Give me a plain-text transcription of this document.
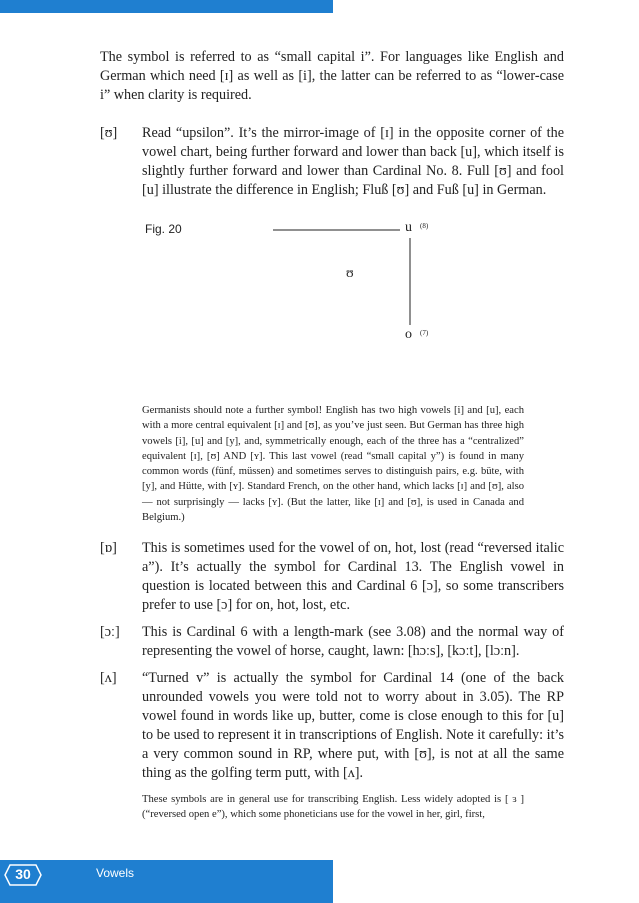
The symbol is referred to as “small capital i”. For languages like English and German which need [ɪ] as well as [i], the latter can be referred to as “lower-case i” when clarity is required.

[ʊ] Read “upsilon”. It’s the mirror-image of [ɪ] in the opposite corner of the vowel chart, being further forward and lower than back [u], which itself is slightly further forward and lower than Cardinal No. 8. Full [ʊ] and fool [u] illustrate the difference in English; Fluß [ʊ] and Fuß [u] in German.

Fig. 20	u (8)
ʊ
o (7)

Germanists should note a further symbol! English has two high vowels [i] and [u], each with a more central equivalent [ɪ] and [ʊ], as you’ve just seen. But German has three high vowels [i], [u] and [y], and, symmetrically enough, each of the three has a “centralized” equivalent [ɪ], [ʊ] AND [ʏ]. This last vowel (read “small capital y”) is found in many common words (fünf, müssen) and sometimes serves to distinguish pairs, e.g. büte, with [y], and Hütte, with [ʏ]. Standard French, on the other hand, which lacks [ɪ] and [ʊ], also — not surprisingly — lacks [ʏ]. (But the latter, like [ɪ] and [ʊ], is used in Canada and Belgium.)

[ɒ] This is sometimes used for the vowel of on, hot, lost (read “reversed italic a”). It’s actually the symbol for Cardinal 13. The English vowel in question is located between this and Cardinal 6 [ɔ], so some transcribers prefer to use [ɔ] for on, hot, lost, etc.

[ɔː] This is Cardinal 6 with a length-mark (see 3.08) and the normal way of representing the vowel of horse, caught, lawn: [hɔːs], [kɔːt], [lɔːn].

[ʌ] “Turned v” is actually the symbol for Cardinal 14 (one of the back unrounded vowels you were told not to worry about in 3.05). The RP vowel found in words like up, butter, come is close enough to this for [u] to be used to represent it in transcriptions of English. Note it carefully: it’s a very common sound in RP, where put, with [ʊ], is not at all the same thing as the golfing term putt, with [ʌ].

These symbols are in general use for transcribing English. Less widely adopted is [ ɜ ] (“reversed open e”), which some phoneticians use for the vowel in her, girl, first,

30	Vowels
